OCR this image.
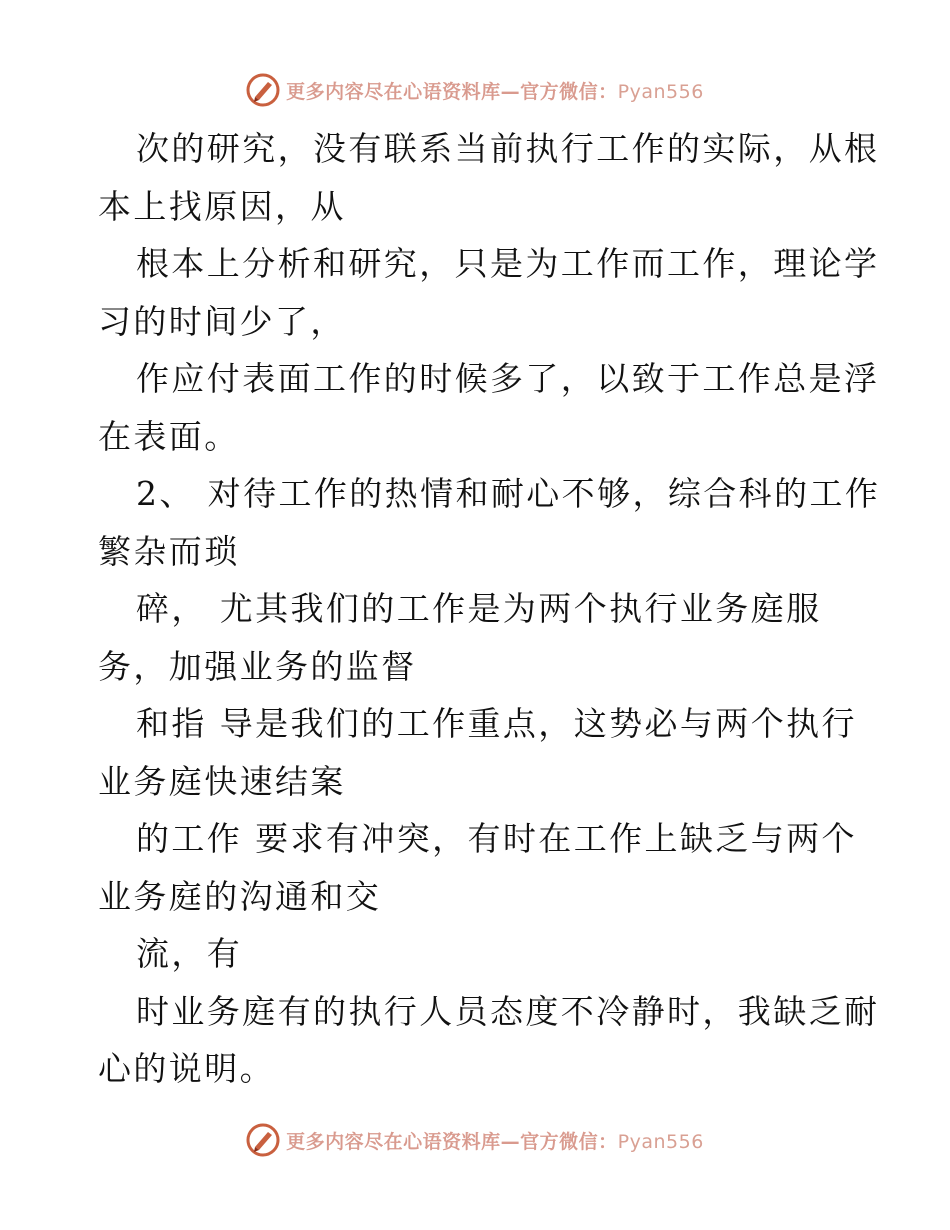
更多内容尽在心语资料库—官方微信：Pyan556

次的研究，没有联系当前执行工作的实际，从根
本上找原因，从

根本上分析和研究，只是为工作而工作，理论学
习的时间少了，

作应付表面工作的时候多了，以致于工作总是浮
在表面。

2、 对待工作的热情和耐心不够，综合科的工作
繁杂而琐

碎， 尤其我们的工作是为两个执行业务庭服
务，加强业务的监督

和指 导是我们的工作重点，这势必与两个执行
业务庭快速结案

的工作 要求有冲突，有时在工作上缺乏与两个
业务庭的沟通和交

流，有

时业务庭有的执行人员态度不冷静时，我缺乏耐
心的说明。

更多内容尽在心语资料库—官方微信：Pyan556
